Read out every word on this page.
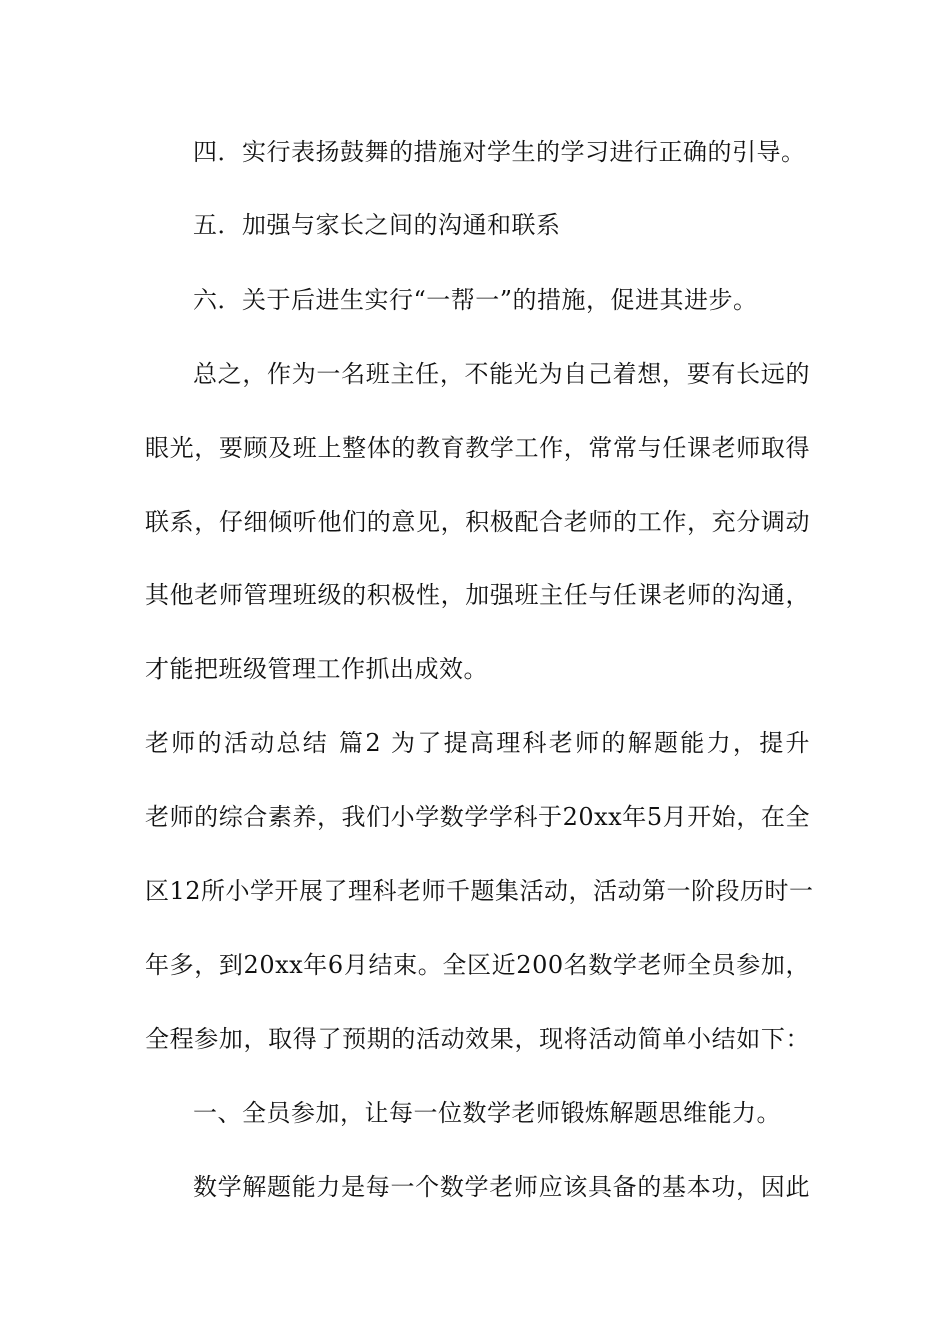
四．实行表扬鼓舞的措施对学生的学习进行正确的引导。
五．加强与家长之间的沟通和联系
六．关于后进生实行“一帮一”的措施，促进其进步。
总之，作为一名班主任，不能光为自己着想，要有长远的
眼光，要顾及班上整体的教育教学工作，常常与任课老师取得
联系，仔细倾听他们的意见，积极配合老师的工作，充分调动
其他老师管理班级的积极性，加强班主任与任课老师的沟通，
才能把班级管理工作抓出成效。
老师的活动总结 篇2 为了提高理科老师的解题能力，提升
老师的综合素养，我们小学数学学科于20xx年5月开始，在全
区12所小学开展了理科老师千题集活动，活动第一阶段历时一
年多，到20xx年6月结束。全区近200名数学老师全员参加，
全程参加，取得了预期的活动效果，现将活动简单小结如下：
一、全员参加，让每一位数学老师锻炼解题思维能力。
数学解题能力是每一个数学老师应该具备的基本功，因此
